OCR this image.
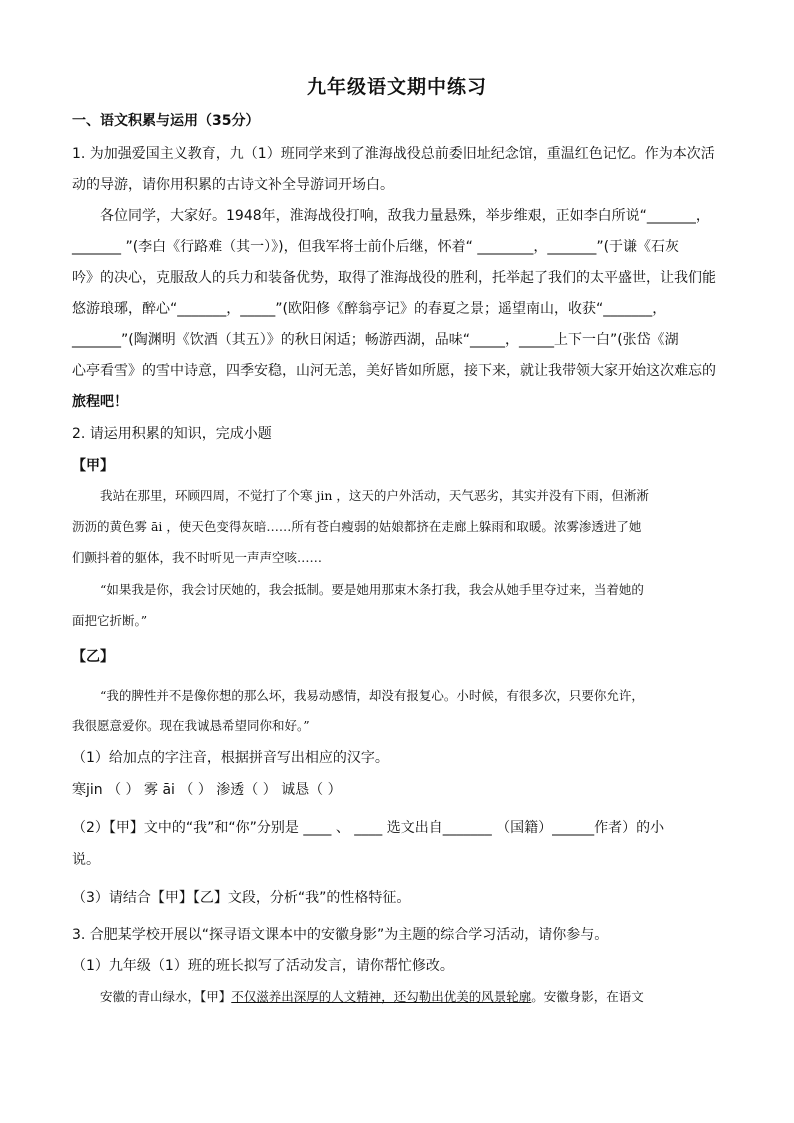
九年级语文期中练习
一、语文积累与运用（35分）
1. 为加强爱国主义教育，九（1）班同学来到了淮海战役总前委旧址纪念馆，重温红色记忆。作为本次活
动的导游，请你用积累的古诗文补全导游词开场白。
各位同学，大家好。1948年，淮海战役打响，敌我力量悬殊，举步维艰，正如李白所说“_______，
_______ ”(李白《行路难（其一）》)，但我军将士前仆后继，怀着“ ________，_______”(于谦《石灰
吟》的决心，克服敌人的兵力和装备优势，取得了淮海战役的胜利，托举起了我们的太平盛世，让我们能
悠游琅琊，醉心“_______，_____”(欧阳修《醉翁亭记》的春夏之景；遥望南山，收获“_______，
_______”(陶渊明《饮酒（其五）》的秋日闲适；畅游西湖，品味“_____，_____上下一白”(张岱《湖
心亭看雪》的雪中诗意，四季安稳，山河无恙，美好皆如所愿，接下来，就让我带领大家开始这次难忘的
旅程吧！
2. 请运用积累的知识，完成小题
【甲】
我站在那里，环顾四周，不觉打了个寒 jin ，这天的户外活动，天气恶劣，其实并没有下雨，但淅淅
沥沥的黄色雾 āi ，使天色变得灰暗……所有苍白瘦弱的姑娘都挤在走廊上躲雨和取暖。浓雾渗透进了她
们颤抖着的躯体，我不时听见一声声空咳……
“如果我是你，我会讨厌她的，我会抵制。要是她用那束木条打我，我会从她手里夺过来，当着她的
面把它折断。”
【乙】
“我的脾性并不是像你想的那么坏，我易动感情，却没有报复心。小时候，有很多次，只要你允许，
我很愿意爱你。现在我诚恳希望同你和好。”
（1）给加点的字注音，根据拼音写出相应的汉字。
寒jin （ ） 雾 āi （ ） 渗透（ ） 诚恳（ ）
（2）【甲】文中的“我”和“你”分别是 ____ 、 ____ 选文出自_______ （国籍）______作者）的小
说。
（3）请结合【甲】【乙】文段，分析“我”的性格特征。
3. 合肥某学校开展以“探寻语文课本中的安徽身影”为主题的综合学习活动，请你参与。
（1）九年级（1）班的班长拟写了活动发言，请你帮忙修改。
安徽的青山绿水，【甲】不仅滋养出深厚的人文精神，还勾勒出优美的风景轮廓。安徽身影，在语文
